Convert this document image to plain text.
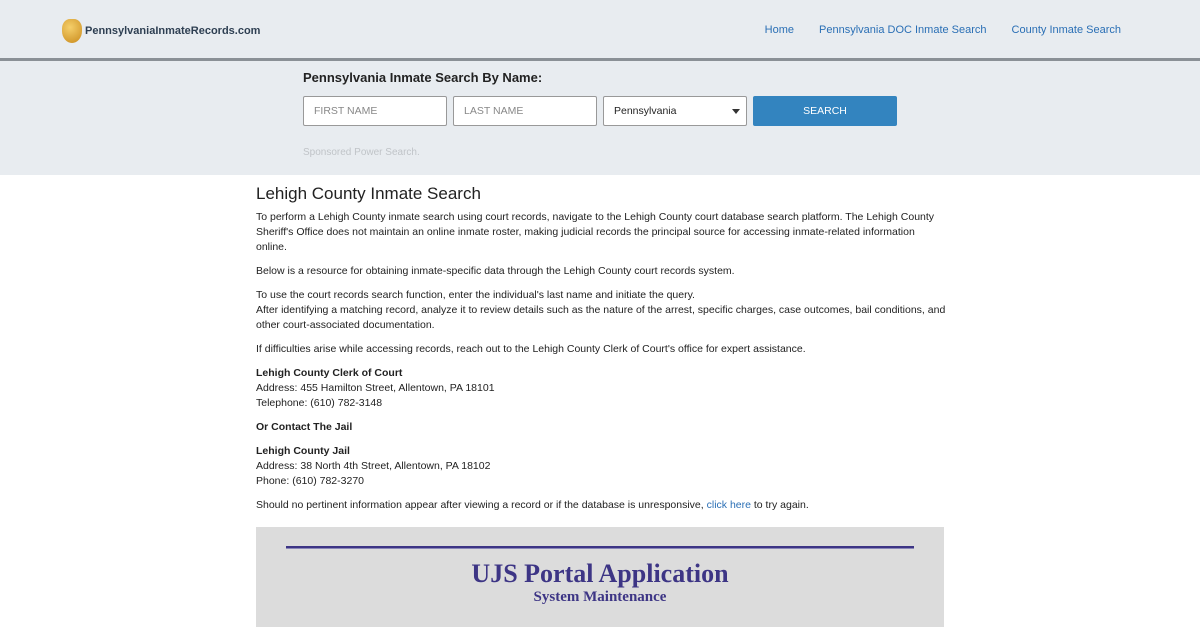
PennsylvaniaInmateRecords.com	Home Pennsylvania DOC Inmate Search County Inmate Search
Pennsylvania Inmate Search By Name:
FIRST NAME	LAST NAME	Pennsylvania	SEARCH
Sponsored Power Search.
Lehigh County Inmate Search

To perform a Lehigh County inmate search using court records, navigate to the Lehigh County court database search platform. The Lehigh County Sheriff's Office does not maintain an online inmate roster, making judicial records the principal source for accessing inmate-related information online.

Below is a resource for obtaining inmate-specific data through the Lehigh County court records system.

To use the court records search function, enter the individual's last name and initiate the query.
After identifying a matching record, analyze it to review details such as the nature of the arrest, specific charges, case outcomes, bail conditions, and other court-associated documentation.

If difficulties arise while accessing records, reach out to the Lehigh County Clerk of Court's office for expert assistance.

Lehigh County Clerk of Court
Address: 455 Hamilton Street, Allentown, PA 18101
Telephone: (610) 782-3148

Or Contact The Jail

Lehigh County Jail
Address: 38 North 4th Street, Allentown, PA 18102
Phone: (610) 782-3270

Should no pertinent information appear after viewing a record or if the database is unresponsive, click here to try again.

UJS Portal Application
System Maintenance
